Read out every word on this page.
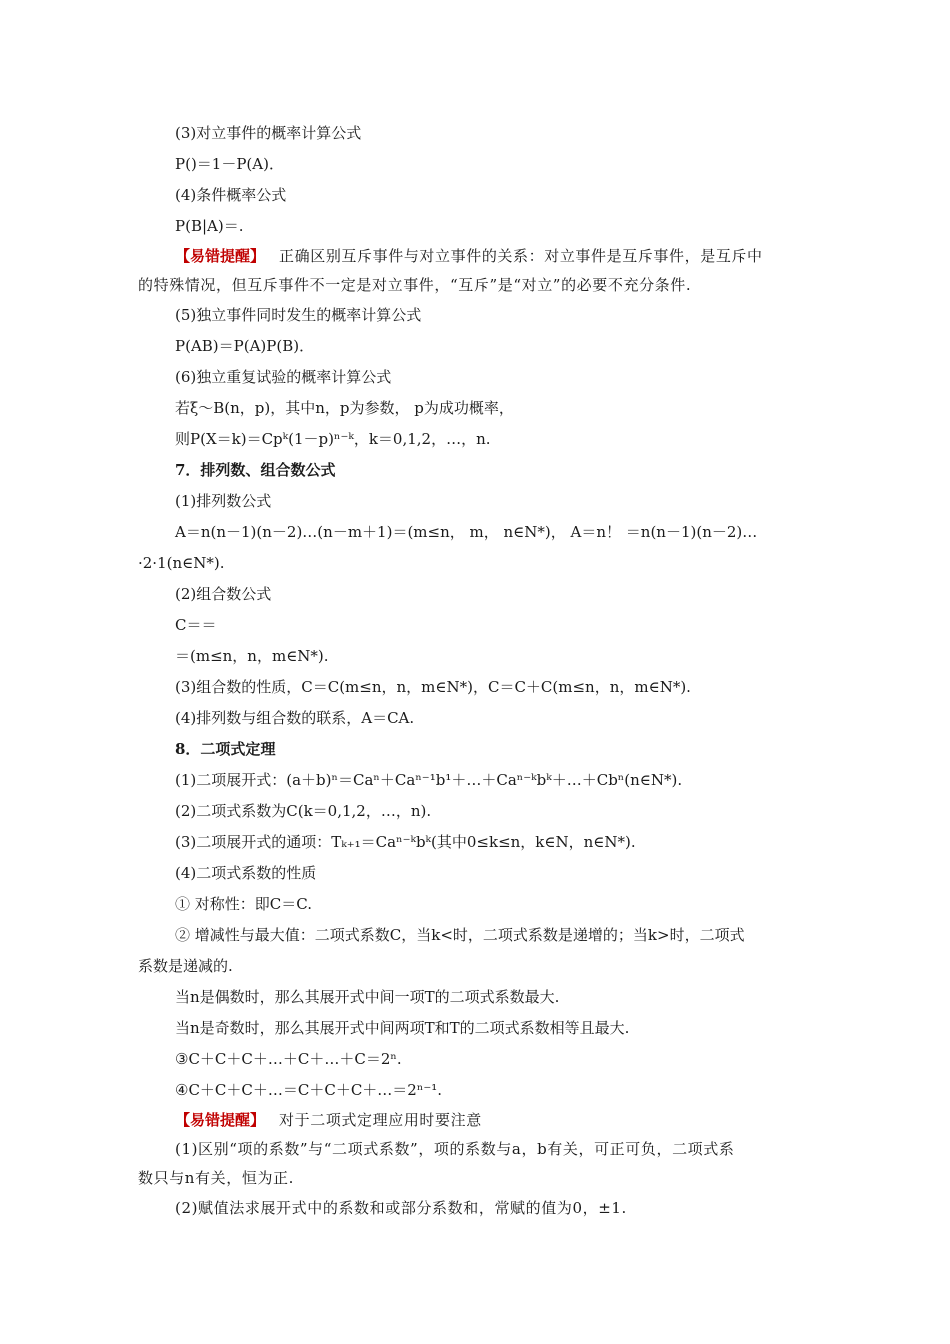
(3)对立事件的概率计算公式
P()＝1－P(A)．
(4)条件概率公式
P(B|A)＝.
【易错提醒】 正确区别互斥事件与对立事件的关系：对立事件是互斥事件，是互斥中
的特殊情况，但互斥事件不一定是对立事件，“互斥”是“对立”的必要不充分条件.
(5)独立事件同时发生的概率计算公式
P(AB)＝P(A)P(B)．
(6)独立重复试验的概率计算公式
若ξ～B(n，p)，其中n，p为参数， p为成功概率，
则P(X＝k)＝Cpᵏ(1－p)ⁿ⁻ᵏ，k＝0,1,2，…，n.
7．排列数、组合数公式
(1)排列数公式
A＝n(n－1)(n－2)…(n－m＋1)＝(m≤n， m， n∈N*)， A＝n！ ＝n(n－1)(n－2)…
·2·1(n∈N*).
(2)组合数公式
C＝＝
＝(m≤n，n，m∈N*).
(3)组合数的性质，C＝C(m≤n，n，m∈N*)，C＝C＋C(m≤n，n，m∈N*).
(4)排列数与组合数的联系，A＝CA.
8．二项式定理
(1)二项展开式：(a＋b)ⁿ＝Caⁿ＋Caⁿ⁻¹b¹＋…＋Caⁿ⁻ᵏbᵏ＋…＋Cbⁿ(n∈N*).
(2)二项式系数为C(k＝0,1,2，…，n).
(3)二项展开式的通项：Tₖ₊₁＝Caⁿ⁻ᵏbᵏ(其中0≤k≤n，k∈N，n∈N*).
(4)二项式系数的性质
① 对称性：即C＝C.
② 增减性与最大值：二项式系数C，当k<时，二项式系数是递增的；当k>时，二项式
系数是递减的.
当n是偶数时，那么其展开式中间一项T的二项式系数最大.
当n是奇数时，那么其展开式中间两项T和T的二项式系数相等且最大.
③C＋C＋C＋…＋C＋…＋C＝2ⁿ.
④C＋C＋C＋…＝C＋C＋C＋…＝2ⁿ⁻¹.
【易错提醒】 对于二项式定理应用时要注意
(1)区别“项的系数”与“二项式系数”，项的系数与a，b有关，可正可负，二项式系
数只与n有关，恒为正.
(2)赋值法求展开式中的系数和或部分系数和，常赋的值为0，±1.
